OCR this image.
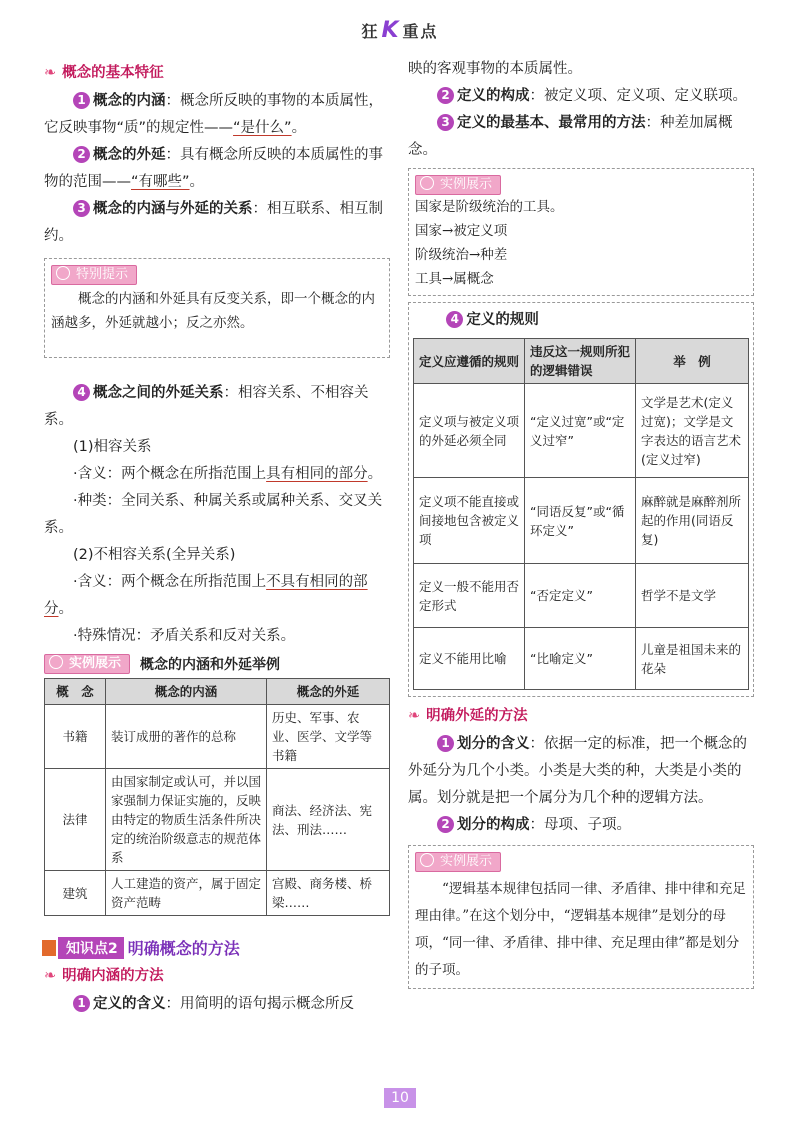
狂K 重点
❧ 概念的基本特征

1 概念的内涵：概念所反映的事物的本质属性，它反映事物“质”的规定性——“是什么”。

2 概念的外延：具有概念所反映的本质属性的事物的范围——“有哪些”。

3 概念的内涵与外延的关系：相互联系、相互制约。

特别提示

概念的内涵和外延具有反变关系，即一个概念的内涵越多，外延就越小；反之亦然。

4 概念之间的外延关系：相容关系、不相容关系。

(1)相容关系

·含义：两个概念在所指范围上具有相同的部分。

·种类：全同关系、种属关系或属种关系、交叉关系。

(2)不相容关系(全异关系)

·含义：两个概念在所指范围上不具有相同的部分。

·特殊情况：矛盾关系和反对关系。

实例展示	概念的内涵和外延举例
概　念	概念的内涵	概念的外延
书籍	装订成册的著作的总称	历史、军事、农业、医学、文学等书籍
法律	由国家制定或认可，并以国家强制力保证实施的，反映由特定的物质生活条件所决定的统治阶级意志的规范体系	商法、经济法、宪法、刑法……
建筑	人工建造的资产，属于固定资产范畴	宫殿、商务楼、桥梁……
知识点2 明确概念的方法
❧ 明确内涵的方法

1 定义的含义：用简明的语句揭示概念所反

映的客观事物的本质属性。

2 定义的构成：被定义项、定义项、定义联项。

3 定义的最基本、最常用的方法：种差加属概念。

实例展示

国家是阶级统治的工具。

国家→被定义项

阶级统治→种差

工具→属概念

4 定义的规则

定义应遵循的规则	违反这一规则所犯的逻辑错误	举　例
定义项与被定义项的外延必须全同	“定义过宽”或“定义过窄”	文学是艺术(定义过宽)；文学是文字表达的语言艺术(定义过窄)
定义项不能直接或间接地包含被定义项	“同语反复”或“循环定义”	麻醉就是麻醉剂所起的作用(同语反复)
定义一般不能用否定形式	“否定定义”	哲学不是文学
定义不能用比喻	“比喻定义”	儿童是祖国未来的花朵
❧ 明确外延的方法

1 划分的含义：依据一定的标准，把一个概念的外延分为几个小类。小类是大类的种，大类是小类的属。划分就是把一个属分为几个种的逻辑方法。

2 划分的构成：母项、子项。

实例展示

“逻辑基本规律包括同一律、矛盾律、排中律和充足理由律。”在这个划分中，“逻辑基本规律”是划分的母项，“同一律、矛盾律、排中律、充足理由律”都是划分的子项。

10
